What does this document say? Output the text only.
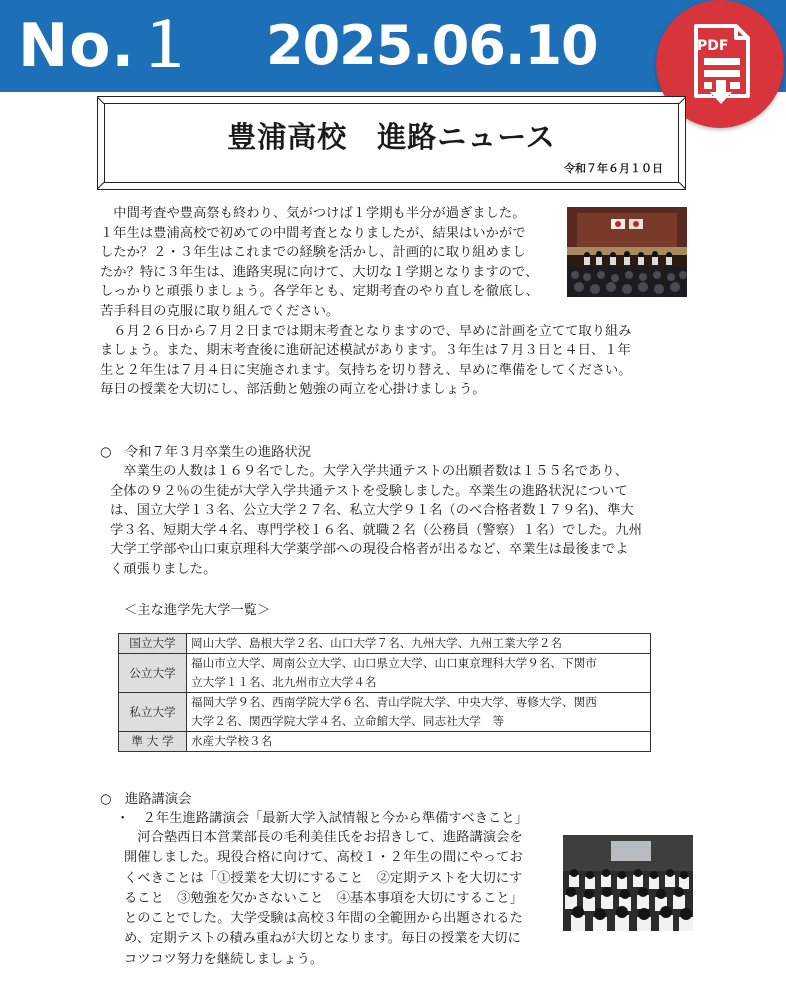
No.１ 2025.06.10	PDF
豊浦高校　進路ニュース
令和７年６月１０日
　中間考査や豊高祭も終わり、気がつけば１学期も半分が過ぎました。
１年生は豊浦高校で初めての中間考査となりましたが、結果はいかがで
したか？２・３年生はこれまでの経験を活かし、計画的に取り組めまし
たか？特に３年生は、進路実現に向けて、大切な１学期となりますので、
しっかりと頑張りましょう。各学年とも、定期考査のやり直しを徹底し、
苦手科目の克服に取り組んでください。
　６月２６日から７月２日までは期末考査となりますので、早めに計画を立てて取り組み
ましょう。また、期末考査後に進研記述模試があります。３年生は７月３日と４日、１年
生と２年生は７月４日に実施されます。気持ちを切り替え、早めに準備をしてください。
毎日の授業を大切にし、部活動と勉強の両立を心掛けましょう。
○　令和７年３月卒業生の進路状況
　卒業生の人数は１６９名でした。大学入学共通テストの出願者数は１５５名であり、
全体の９２％の生徒が大学入学共通テストを受験しました。卒業生の進路状況について
は、国立大学１３名、公立大学２７名、私立大学９１名（のべ合格者数１７９名)、準大
学３名、短期大学４名、専門学校１６名、就職２名（公務員（警察）１名）でした。九州
大学工学部や山口東京理科大学薬学部への現役合格者が出るなど、卒業生は最後までよ
く頑張りました。
＜主な進学先大学一覧＞
国立大学	岡山大学、島根大学２名、山口大学７名、九州大学、九州工業大学２名

公立大学	福山市立大学、周南公立大学、山口県立大学、山口東京理科大学９名、下関市
立大学１１名、北九州市立大学４名

私立大学	福岡大学９名、西南学院大学６名、青山学院大学、中央大学、専修大学、関西
大学２名、関西学院大学４名、立命館大学、同志社大学　等

準 大 学	水産大学校３名
○　進路講演会
・　２年生進路講演会「最新大学入試情報と今から準備すべきこと」
　河合塾西日本営業部長の毛利美佳氏をお招きして、進路講演会を
開催しました。現役合格に向けて、高校１・２年生の間にやってお
くべきことは「①授業を大切にすること　②定期テストを大切にす
ること　③勉強を欠かさないこと　④基本事項を大切にすること」
とのことでした。大学受験は高校３年間の全範囲から出題されるた
め、定期テストの積み重ねが大切となります。毎日の授業を大切に
コツコツ努力を継続しましょう。
